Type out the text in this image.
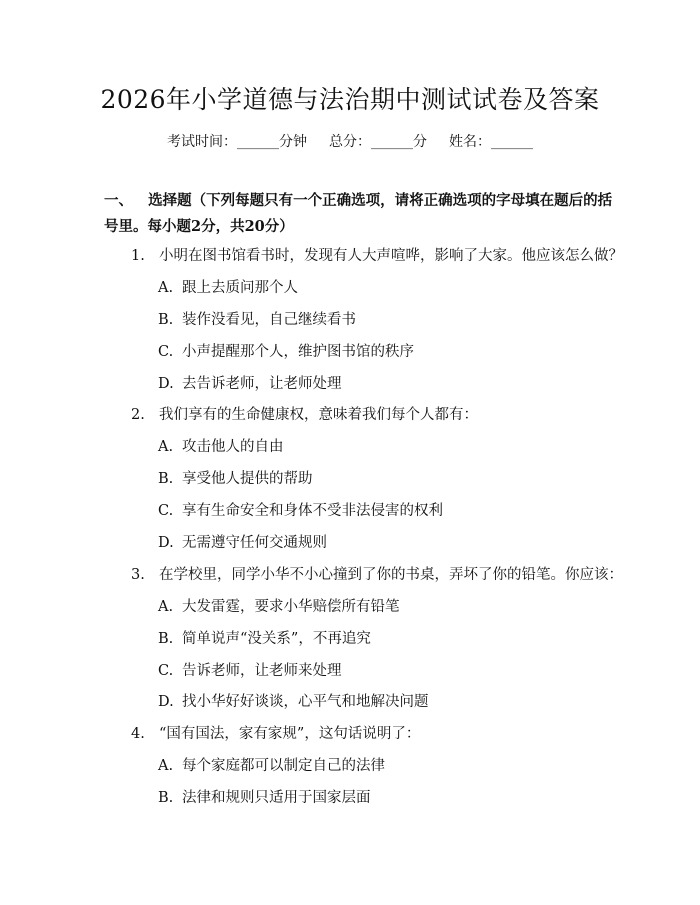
2026年小学道德与法治期中测试试卷及答案
考试时间：______分钟 总分：______分 姓名：______
一、 选择题（下列每题只有一个正确选项，请将正确选项的字母填在题后的括号里。每小题2分，共20分）
1. 小明在图书馆看书时，发现有人大声喧哗，影响了大家。他应该怎么做？
A. 跟上去质问那个人
B. 装作没看见，自己继续看书
C. 小声提醒那个人，维护图书馆的秩序
D. 去告诉老师，让老师处理
2. 我们享有的生命健康权，意味着我们每个人都有：
A. 攻击他人的自由
B. 享受他人提供的帮助
C. 享有生命安全和身体不受非法侵害的权利
D. 无需遵守任何交通规则
3. 在学校里，同学小华不小心撞到了你的书桌，弄坏了你的铅笔。你应该：
A. 大发雷霆，要求小华赔偿所有铅笔
B. 简单说声“没关系”，不再追究
C. 告诉老师，让老师来处理
D. 找小华好好谈谈，心平气和地解决问题
4. “国有国法，家有家规”，这句话说明了：
A. 每个家庭都可以制定自己的法律
B. 法律和规则只适用于国家层面
